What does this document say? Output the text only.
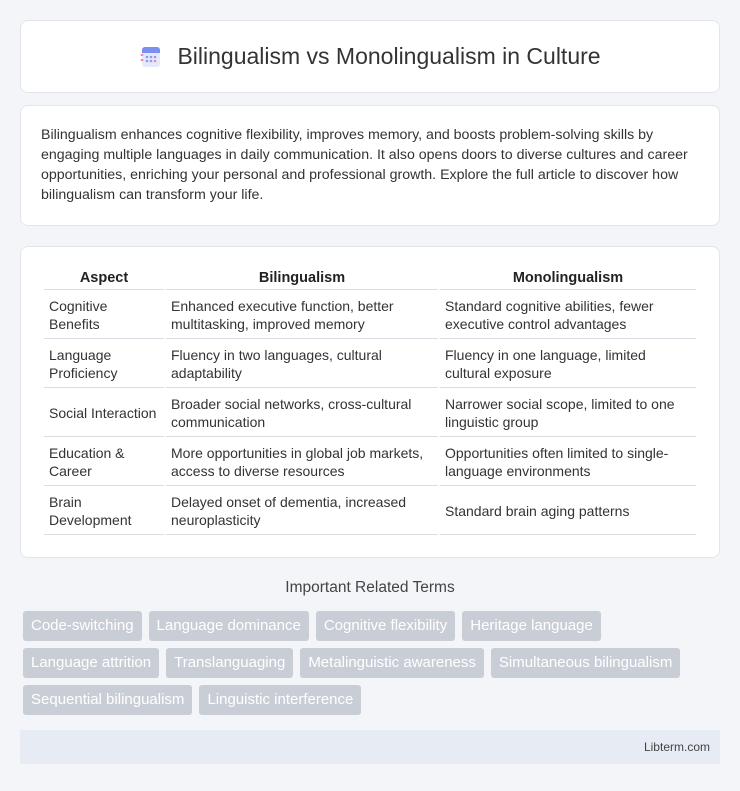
Bilingualism vs Monolingualism in Culture

Bilingualism enhances cognitive flexibility, improves memory, and boosts problem-solving skills by engaging multiple languages in daily communication. It also opens doors to diverse cultures and career opportunities, enriching your personal and professional growth. Explore the full article to discover how bilingualism can transform your life.

Aspect	Bilingualism	Monolingualism
Cognitive Benefits	Enhanced executive function, better multitasking, improved memory	Standard cognitive abilities, fewer executive control advantages
Language Proficiency	Fluency in two languages, cultural adaptability	Fluency in one language, limited cultural exposure
Social Interaction	Broader social networks, cross-cultural communication	Narrower social scope, limited to one linguistic group
Education & Career	More opportunities in global job markets, access to diverse resources	Opportunities often limited to single-language environments
Brain Development	Delayed onset of dementia, increased neuroplasticity	Standard brain aging patterns
Important Related Terms
Code-switching	Language dominance	Cognitive flexibility	Heritage language
Language attrition	Translanguaging	Metalinguistic awareness	Simultaneous bilingualism
Sequential bilingualism	Linguistic interference
Libterm.com
